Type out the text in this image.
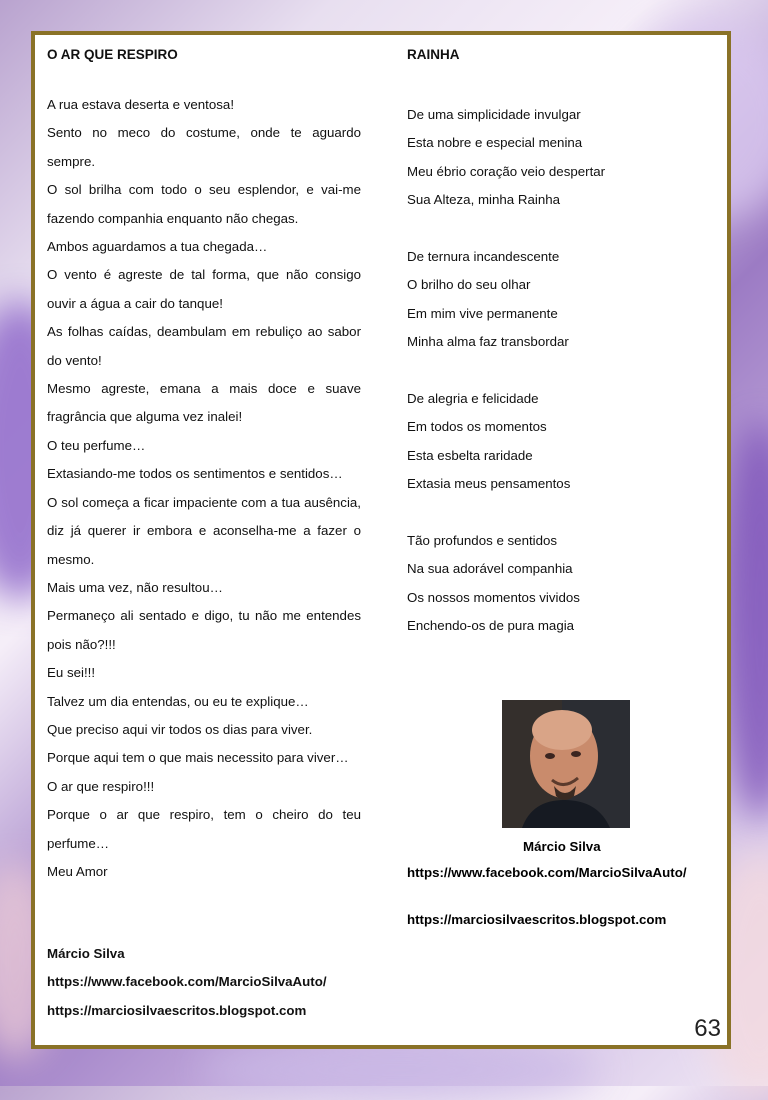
O AR QUE RESPIRO
A rua estava deserta e ventosa!
Sento no meco do costume, onde te aguardo sempre.
O sol brilha com todo o seu esplendor, e vai-me fazendo companhia enquanto não chegas.
Ambos aguardamos a tua chegada…
O vento é agreste de tal forma, que não consigo ouvir a água a cair do tanque!
As folhas caídas, deambulam em rebuliço ao sabor do vento!
Mesmo agreste, emana a mais doce e suave fragrância que alguma vez inalei!
O teu perfume…
Extasiando-me todos os sentimentos e sentidos…
O sol começa a ficar impaciente com a tua ausência, diz já querer ir embora e aconselha-me a fazer o mesmo.
Mais uma vez, não resultou…
Permaneço ali sentado e digo, tu não me entendes pois não?!!!
Eu sei!!!
Talvez um dia entendas, ou eu te explique…
Que preciso aqui vir todos os dias para viver.
Porque aqui tem o que mais necessito para viver…
O ar que respiro!!!
Porque o ar que respiro, tem o cheiro do teu perfume…
Meu Amor
Márcio Silva
https://www.facebook.com/MarcioSilvaAuto/
https://marciosilvaescritos.blogspot.com
RAINHA
De uma simplicidade invulgar
Esta nobre e especial menina
Meu ébrio coração veio despertar
Sua Alteza, minha Rainha
De ternura incandescente
O brilho do seu olhar
Em mim vive permanente
Minha alma faz transbordar
De alegria e felicidade
Em todos os momentos
Esta esbelta raridade
Extasia meus pensamentos
Tão profundos e sentidos
Na sua adorável companhia
Os nossos momentos vividos
Enchendo-os de pura magia
Márcio Silva
https://www.facebook.com/MarcioSilvaAuto/
https://marciosilvaescritos.blogspot.com
63
